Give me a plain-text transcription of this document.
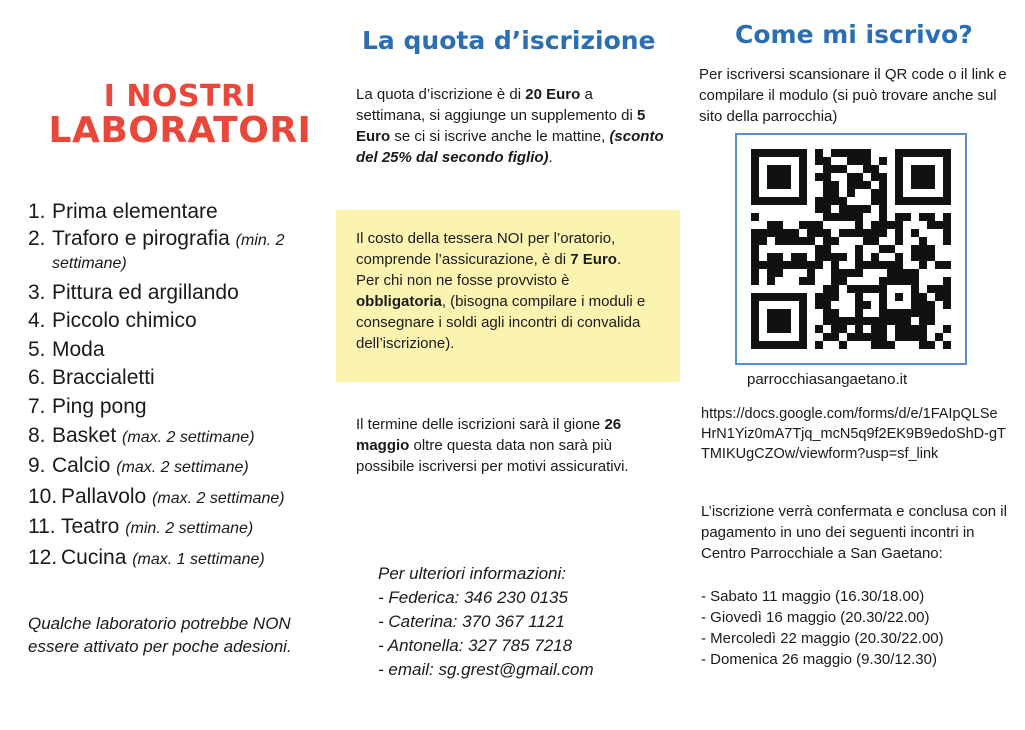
I NOSTRI
LABORATORI
1. Prima elementare
2. Traforo e pirografia (min. 2
settimane)
3. Pittura ed argillando
4. Piccolo chimico
5. Moda
6. Braccialetti
7. Ping pong
8. Basket (max. 2 settimane)
9. Calcio (max. 2 settimane)
10. Pallavolo (max. 2 settimane)
11. Teatro (min. 2 settimane)
12. Cucina (max. 1 settimane)

Qualche laboratorio potrebbe NON essere attivato per poche adesioni.

La quota d’iscrizione

La quota d’iscrizione è di 20 Euro a settimana, si aggiunge un supplemento di 5 Euro se ci si iscrive anche le mattine, (sconto del 25% dal secondo figlio).

Il costo della tessera NOI per l’oratorio, comprende l’assicurazione, è di 7 Euro.

Per chi non ne fosse provvisto è obbligatoria, (bisogna compilare i moduli e consegnare i soldi agli incontri di convalida dell’iscrizione).

Il termine delle iscrizioni sarà il gione 26 maggio oltre questa data non sarà più possibile iscriversi per motivi assicurativi.

Per ulteriori informazioni:
- Federica: 346 230 0135
- Caterina: 370 367 1121
- Antonella: 327 785 7218
- email: sg.grest@gmail.com
Come mi iscrivo?

Per iscriversi scansionare il QR code o il link e compilare il modulo (si può trovare anche sul sito della parrocchia)

parrocchiasangaetano.it

https://docs.google.com/forms/d/e/1FAIpQLSeHrN1Yiz0mA7Tjq_mcN5q9f2EK9B9edoShD-gTTMIKUgCZOw/viewform?usp=sf_link

L’iscrizione verrà confermata e conclusa con il pagamento in uno dei seguenti incontri in Centro Parrocchiale a San Gaetano:

- Sabato 11 maggio (16.30/18.00)
- Giovedì 16 maggio (20.30/22.00)
- Mercoledì 22 maggio (20.30/22.00)
- Domenica 26 maggio (9.30/12.30)
